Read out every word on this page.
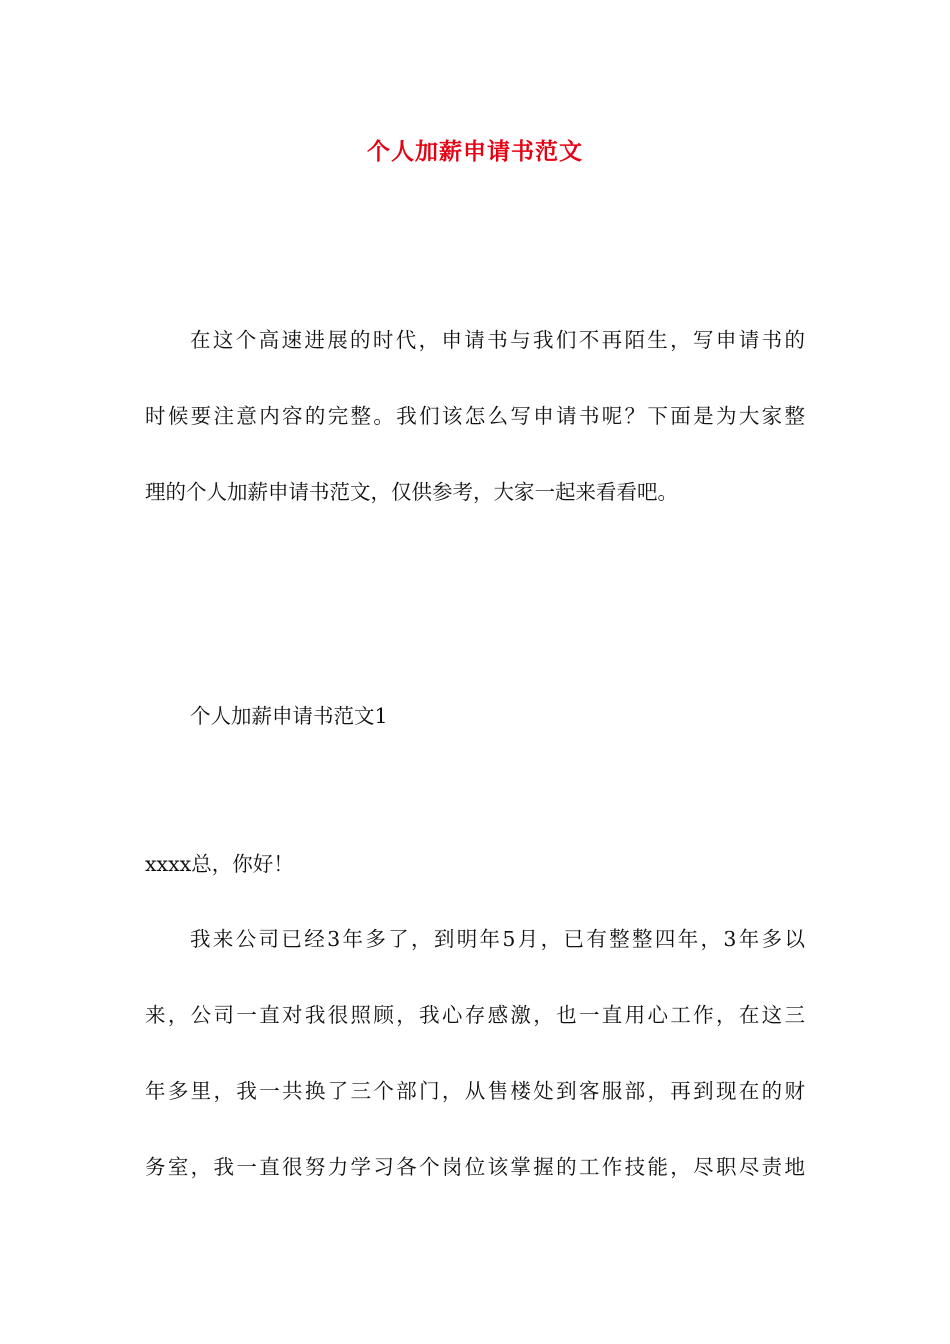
个人加薪申请书范文
在这个高速进展的时代，申请书与我们不再陌生，写申请书的
时候要注意内容的完整。我们该怎么写申请书呢？下面是为大家整
理的个人加薪申请书范文，仅供参考，大家一起来看看吧。
个人加薪申请书范文1
xxxx总，你好！
我来公司已经3年多了，到明年5月，已有整整四年，3年多以
来，公司一直对我很照顾，我心存感激，也一直用心工作，在这三
年多里，我一共换了三个部门，从售楼处到客服部，再到现在的财
务室，我一直很努力学习各个岗位该掌握的工作技能，尽职尽责地
